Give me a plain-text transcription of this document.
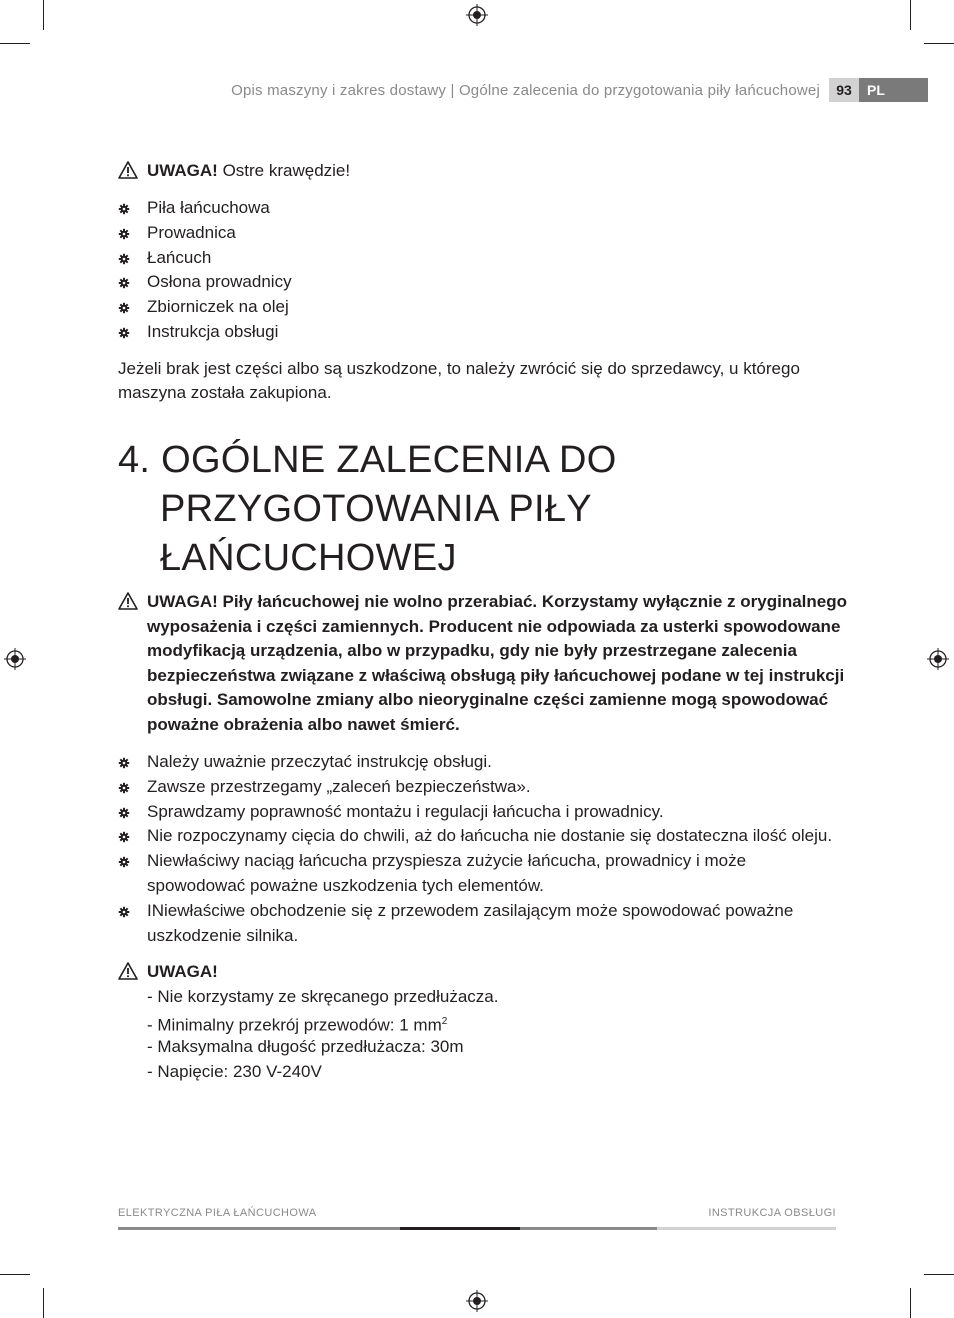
Opis maszyny i zakres dostawy | Ogólne zalecenia do przygotowania piły łańcuchowej	93	PL
UWAGA! Ostre krawędzie!
Piła łańcuchowa
Prowadnica
Łańcuch
Osłona prowadnicy
Zbiorniczek na olej
Instrukcja obsługi
Jeżeli brak jest części albo są uszkodzone, to należy zwrócić się do sprzedawcy, u którego
maszyna została zakupiona.
4. OGÓLNE ZALECENIA DO
PRZYGOTOWANIA PIŁY
ŁAŃCUCHOWEJ
UWAGA! Piły łańcuchowej nie wolno przerabiać. Korzystamy wyłącznie z oryginalnego
wyposażenia i części zamiennych. Producent nie odpowiada za usterki spowodowane
modyfikacją urządzenia, albo w przypadku, gdy nie były przestrzegane zalecenia
bezpieczeństwa związane z właściwą obsługą piły łańcuchowej podane w tej instrukcji
obsługi. Samowolne zmiany albo nieoryginalne części zamienne mogą spowodować
poważne obrażenia albo nawet śmierć.
Należy uważnie przeczytać instrukcję obsługi.
Zawsze przestrzegamy „zaleceń bezpieczeństwa».
Sprawdzamy poprawność montażu i regulacji łańcucha i prowadnicy.
Nie rozpoczynamy cięcia do chwili, aż do łańcucha nie dostanie się dostateczna ilość oleju.
Niewłaściwy naciąg łańcucha przyspiesza zużycie łańcucha, prowadnicy i może
spowodować poważne uszkodzenia tych elementów.
INiewłaściwe obchodzenie się z przewodem zasilającym może spowodować poważne
uszkodzenie silnika.
UWAGA!
- Nie korzystamy ze skręcanego przedłużacza.
- Minimalny przekrój przewodów: 1 $mm^2$
- Maksymalna długość przedłużacza: 30m
- Napięcie: 230 V-240V
ELEKTRYCZNA PIŁA ŁAŃCUCHOWA	INSTRUKCJA OBSŁUGI
